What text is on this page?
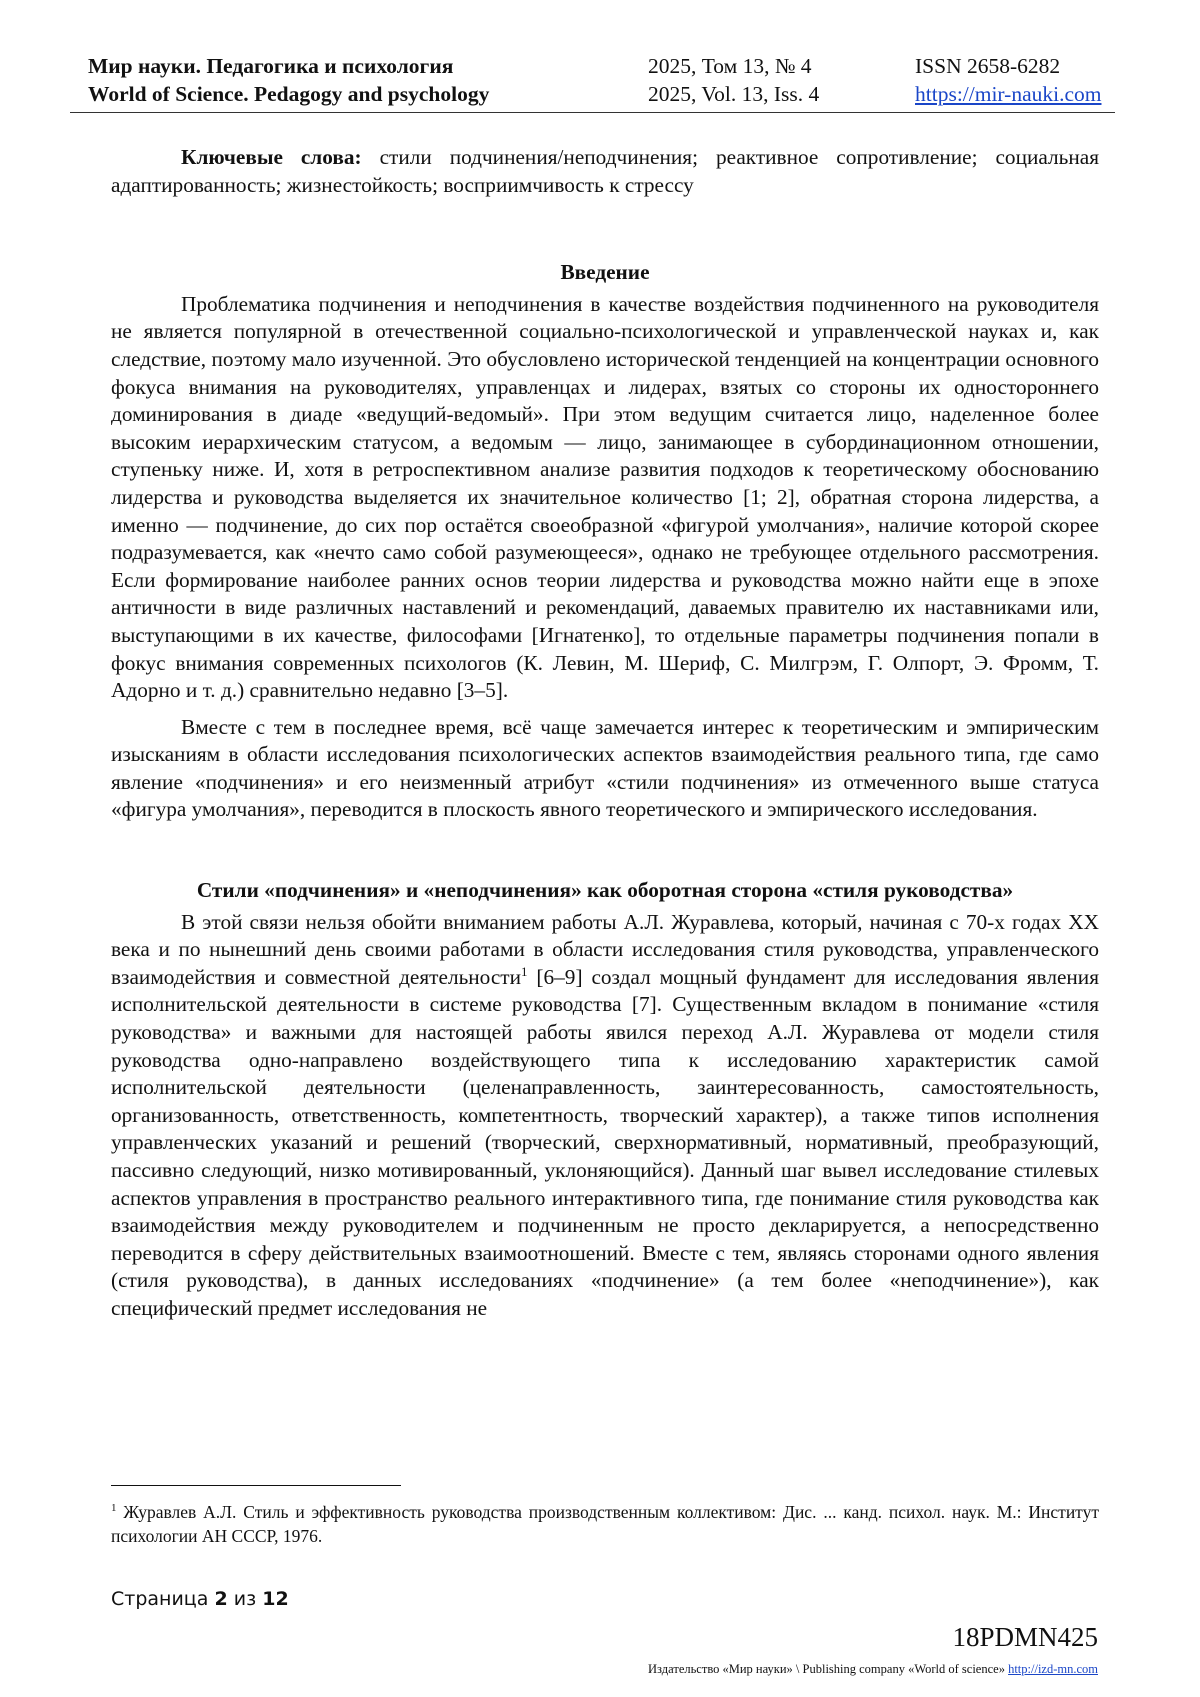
Мир науки. Педагогика и психология
World of Science. Pedagogy and psychology
2025, Том 13, № 4
2025, Vol. 13, Iss. 4
ISSN 2658-6282
https://mir-nauki.com

Ключевые слова: стили подчинения/неподчинения; реактивное сопротивление; социальная адаптированность; жизнестойкость; восприимчивость к стрессу

Введение

Проблематика подчинения и неподчинения в качестве воздействия подчиненного на руководителя не является популярной в отечественной социально-психологической и управленческой науках и, как следствие, поэтому мало изученной. Это обусловлено исторической тенденцией на концентрации основного фокуса внимания на руководителях, управленцах и лидерах, взятых со стороны их одностороннего доминирования в диаде «ведущий-ведомый». При этом ведущим считается лицо, наделенное более высоким иерархическим статусом, а ведомым — лицо, занимающее в субординационном отношении, ступеньку ниже. И, хотя в ретроспективном анализе развития подходов к теоретическому обоснованию лидерства и руководства выделяется их значительное количество [1; 2], обратная сторона лидерства, а именно — подчинение, до сих пор остаётся своеобразной «фигурой умолчания», наличие которой скорее подразумевается, как «нечто само собой разумеющееся», однако не требующее отдельного рассмотрения. Если формирование наиболее ранних основ теории лидерства и руководства можно найти еще в эпохе античности в виде различных наставлений и рекомендаций, даваемых правителю их наставниками или, выступающими в их качестве, философами [Игнатенко], то отдельные параметры подчинения попали в фокус внимания современных психологов (К. Левин, М. Шериф, С. Милгрэм, Г. Олпорт, Э. Фромм, Т. Адорно и т. д.) сравнительно недавно [3–5].

Вместе с тем в последнее время, всё чаще замечается интерес к теоретическим и эмпирическим изысканиям в области исследования психологических аспектов взаимодействия реального типа, где само явление «подчинения» и его неизменный атрибут «стили подчинения» из отмеченного выше статуса «фигура умолчания», переводится в плоскость явного теоретического и эмпирического исследования.

Стили «подчинения» и «неподчинения» как оборотная сторона «стиля руководства»

В этой связи нельзя обойти вниманием работы А.Л. Журавлева, который, начиная с 70-х годах XX века и по нынешний день своими работами в области исследования стиля руководства, управленческого взаимодействия и совместной деятельности$^1$ [6–9] создал мощный фундамент для исследования явления исполнительской деятельности в системе руководства [7]. Существенным вкладом в понимание «стиля руководства» и важными для настоящей работы явился переход А.Л. Журавлева от модели стиля руководства одно-направлено воздействующего типа к исследованию характеристик самой исполнительской деятельности (целенаправленность, заинтересованность, самостоятельность, организованность, ответственность, компетентность, творческий характер), а также типов исполнения управленческих указаний и решений (творческий, сверхнормативный, нормативный, преобразующий, пассивно следующий, низко мотивированный, уклоняющийся). Данный шаг вывел исследование стилевых аспектов управления в пространство реального интерактивного типа, где понимание стиля руководства как взаимодействия между руководителем и подчиненным не просто декларируется, а непосредственно переводится в сферу действительных взаимоотношений. Вместе с тем, являясь сторонами одного явления (стиля руководства), в данных исследованиях «подчинение» (а тем более «неподчинение»), как специфический предмет исследования не

$^1$ Журавлев А.Л. Стиль и эффективность руководства производственным коллективом: Дис. ... канд. психол. наук. М.: Институт психологии АН СССР, 1976.
Страница 2 из 12
18PDMN425
Издательство «Мир науки» \ Publishing company «World of science» http://izd-mn.com
